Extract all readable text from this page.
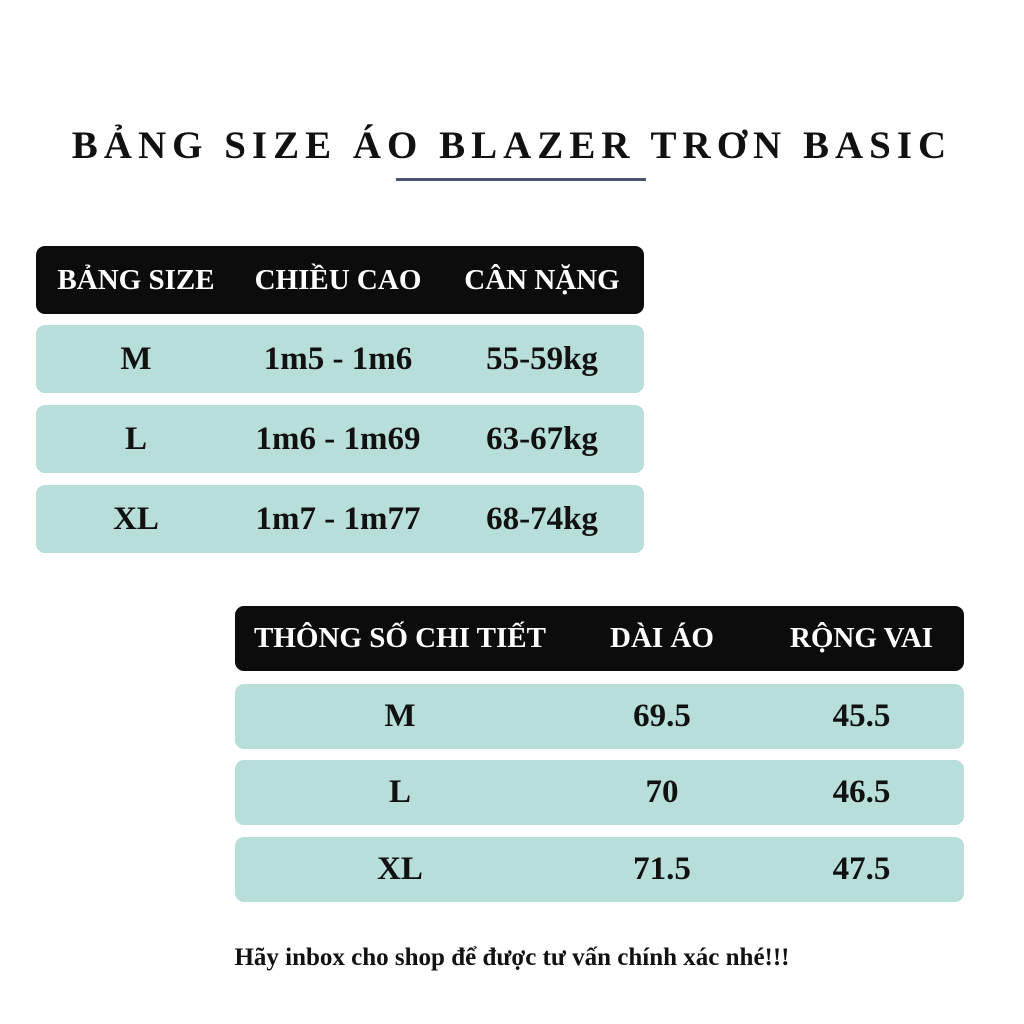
BẢNG SIZE ÁO BLAZER TRƠN BASIC
BẢNG SIZE	CHIỀU CAO	CÂN NẶNG
M	1m5 - 1m6	55-59kg
L	1m6 - 1m69	63-67kg
XL	1m7 - 1m77	68-74kg
THÔNG SỐ CHI TIẾT	DÀI ÁO	RỘNG VAI
M	69.5	45.5
L	70	46.5
XL	71.5	47.5
Hãy inbox cho shop để được tư vấn chính xác nhé!!!
